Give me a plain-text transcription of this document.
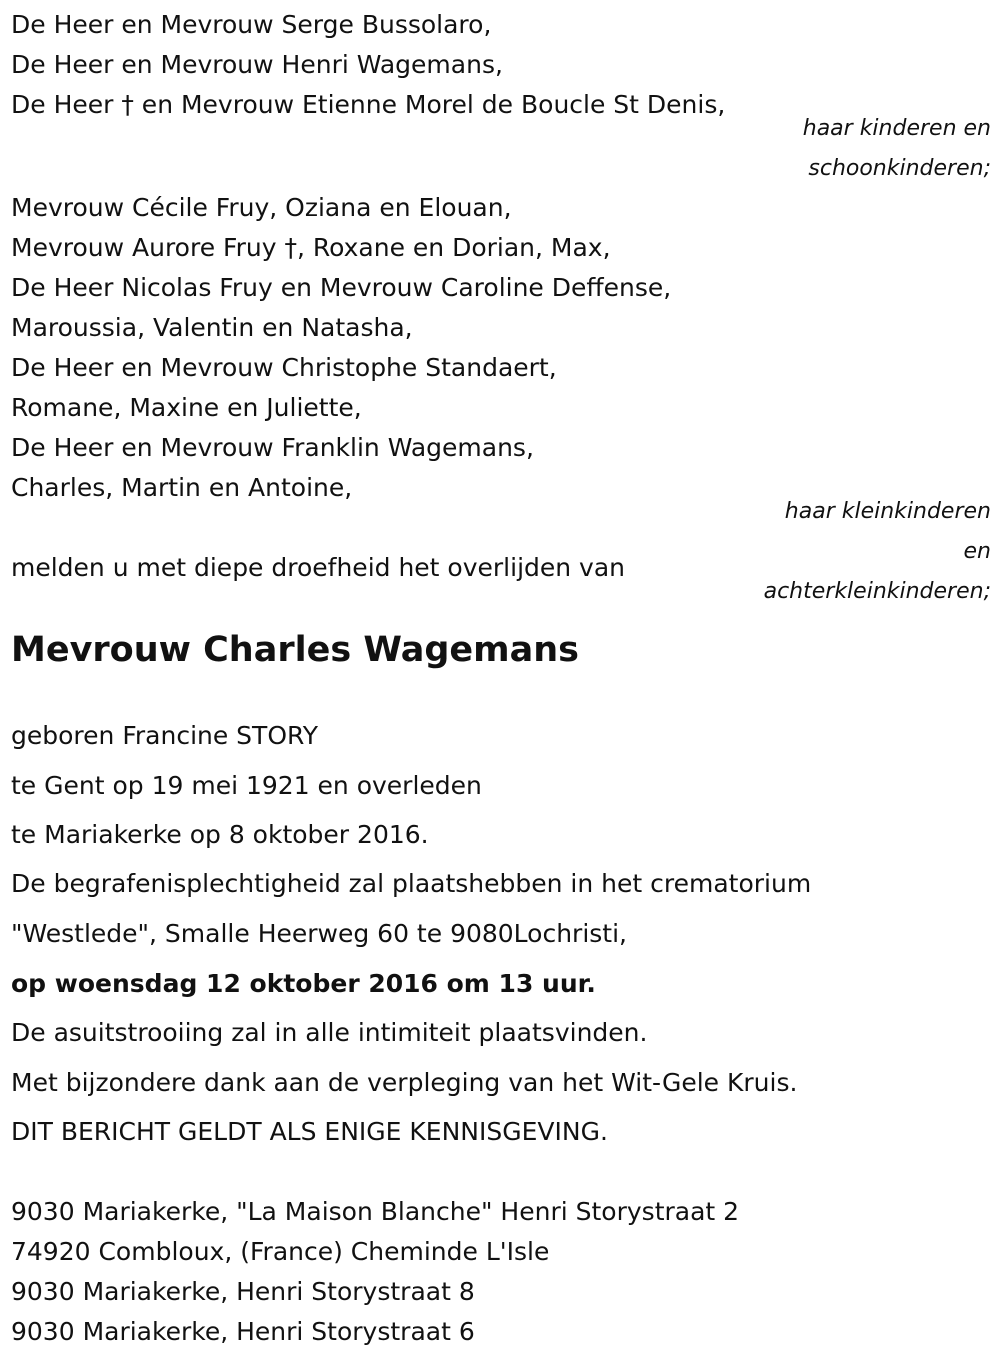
De Heer en Mevrouw Serge Bussolaro,
De Heer en Mevrouw Henri Wagemans,
De Heer † en Mevrouw Etienne Morel de Boucle St Denis,
haar kinderen en
schoonkinderen;
Mevrouw Cécile Fruy, Oziana en Elouan,
Mevrouw Aurore Fruy †, Roxane en Dorian, Max,
De Heer Nicolas Fruy en Mevrouw Caroline Deffense,
Maroussia, Valentin en Natasha,
De Heer en Mevrouw Christophe Standaert,
Romane, Maxine en Juliette,
De Heer en Mevrouw Franklin Wagemans,
Charles, Martin en Antoine,
haar kleinkinderen
en
achterkleinkinderen;
melden u met diepe droefheid het overlijden van
Mevrouw Charles Wagemans
geboren Francine STORY
te Gent op 19 mei 1921 en overleden
te Mariakerke op 8 oktober 2016.
De begrafenisplechtigheid zal plaatshebben in het crematorium
"Westlede", Smalle Heerweg 60 te 9080Lochristi,
op woensdag 12 oktober 2016 om 13 uur.
De asuitstrooiing zal in alle intimiteit plaatsvinden.
Met bijzondere dank aan de verpleging van het Wit-Gele Kruis.
DIT BERICHT GELDT ALS ENIGE KENNISGEVING.
9030 Mariakerke, "La Maison Blanche" Henri Storystraat 2
74920 Combloux, (France) Cheminde L'Isle
9030 Mariakerke, Henri Storystraat 8
9030 Mariakerke, Henri Storystraat 6
